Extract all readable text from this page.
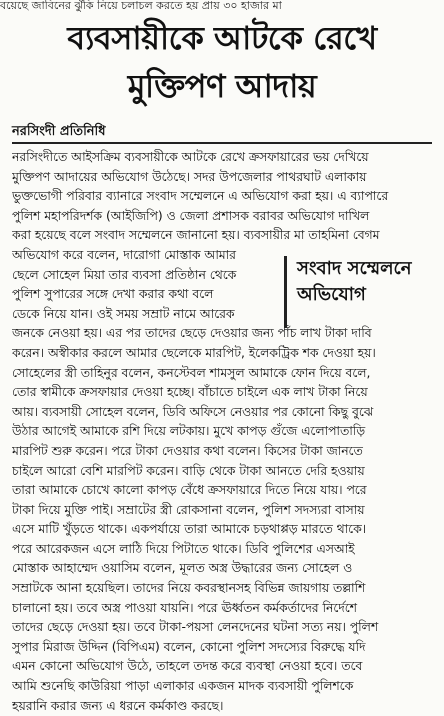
বয়েছে জাবিনের ঝুঁকি নিয়ে চলাচল করতে হয় প্রায় ৩০ হাজার মা
ব্যবসায়ীকে আটকে রেখে
মুক্তিপণ আদায়
নরসিংদী প্রতিনিধি
নরসিংদীতে আইসক্রিম ব্যবসায়ীকে আটকে রেখে ক্রসফায়ারের ভয় দেখিয়ে
মুক্তিপণ আদায়ের অভিযোগ উঠেছে। সদর উপজেলার পাথরঘাট এলাকায়
ভুক্তভোগী পরিবার ব্যানারে সংবাদ সম্মেলনে এ অভিযোগ করা হয়। এ ব্যাপারে
পুলিশ মহাপরিদর্শক (আইজিপি) ও জেলা প্রশাসক বরাবর অভিযোগ দাখিল
করা হয়েছে বলে সংবাদ সম্মেলনে জানানো হয়। ব্যবসায়ীর মা তাহমিনা বেগম
অভিযোগ করে বলেন, দারোগা মোস্তাক আমার
ছেলে সোহেল মিয়া তার ব্যবসা প্রতিষ্ঠান থেকে
পুলিশ সুপারের সঙ্গে দেখা করার কথা বলে
ডেকে নিয়ে যান। ওই সময় সম্রাট নামে আরেক
জনকে নেওয়া হয়। এর পর তাদের ছেড়ে দেওয়ার জন্য পাঁচ লাখ টাকা দাবি
করেন। অস্বীকার করলে আমার ছেলেকে মারপিট, ইলেকট্রিক শক দেওয়া হয়।
সোহেলের স্ত্রী তাহিনুর বলেন, কনস্টেবল শামসুল আমাকে ফোন দিয়ে বলে,
তোর স্বামীকে ক্রসফায়ার দেওয়া হচ্ছে। বাঁচাতে চাইলে এক লাখ টাকা নিয়ে
আয়। ব্যবসায়ী সোহেল বলেন, ডিবি অফিসে নেওয়ার পর কোনো কিছু বুঝে
উঠার আগেই আমাকে রশি দিয়ে লটকায়। মুখে কাপড় গুঁজে এলোপাতাড়ি
মারপিট শুরু করেন। পরে টাকা দেওয়ার কথা বলেন। কিসের টাকা জানতে
চাইলে আরো বেশি মারপিট করেন। বাড়ি থেকে টাকা আনতে দেরি হওয়ায়
তারা আমাকে চোখে কালো কাপড় বেঁধে ক্রসফায়ারে দিতে নিয়ে যায়। পরে
টাকা দিয়ে মুক্তি পাই। সম্রাটের স্ত্রী রোকসানা বলেন, পুলিশ সদস্যরা বাসায়
এসে মাটি খুঁড়তে থাকে। একপর্যায়ে তারা আমাকে চড়থাপ্পড় মারতে থাকে।
পরে আরেকজন এসে লাঠি দিয়ে পিটাতে থাকে। ডিবি পুলিশের এসআই
মোস্তাক আহাম্মেদ ওয়াসিম বলেন, মূলত অস্ত্র উদ্ধারের জন্য সোহেল ও
সম্রাটকে আনা হয়েছিল। তাদের নিয়ে কবরস্থানসহ বিভিন্ন জায়গায় তল্লাশি
চালানো হয়। তবে অস্ত্র পাওয়া যায়নি। পরে ঊর্ধ্বতন কর্মকর্তাদের নির্দেশে
তাদের ছেড়ে দেওয়া হয়। তবে টাকা-পয়সা লেনদেনের ঘটনা সত্য নয়। পুলিশ
সুপার মিরাজ উদ্দিন (বিপিএম) বলেন, কোনো পুলিশ সদস্যের বিরুদ্ধে যদি
এমন কোনো অভিযোগ উঠে, তাহলে তদন্ত করে ব্যবস্থা নেওয়া হবে। তবে
আমি শুনেছি কাউরিয়া পাড়া এলাকার একজন মাদক ব্যবসায়ী পুলিশকে
হয়রানি করার জন্য এ ধরনে কর্মকাণ্ড করছে।
সংবাদ সম্মেলনে
অভিযোগ
